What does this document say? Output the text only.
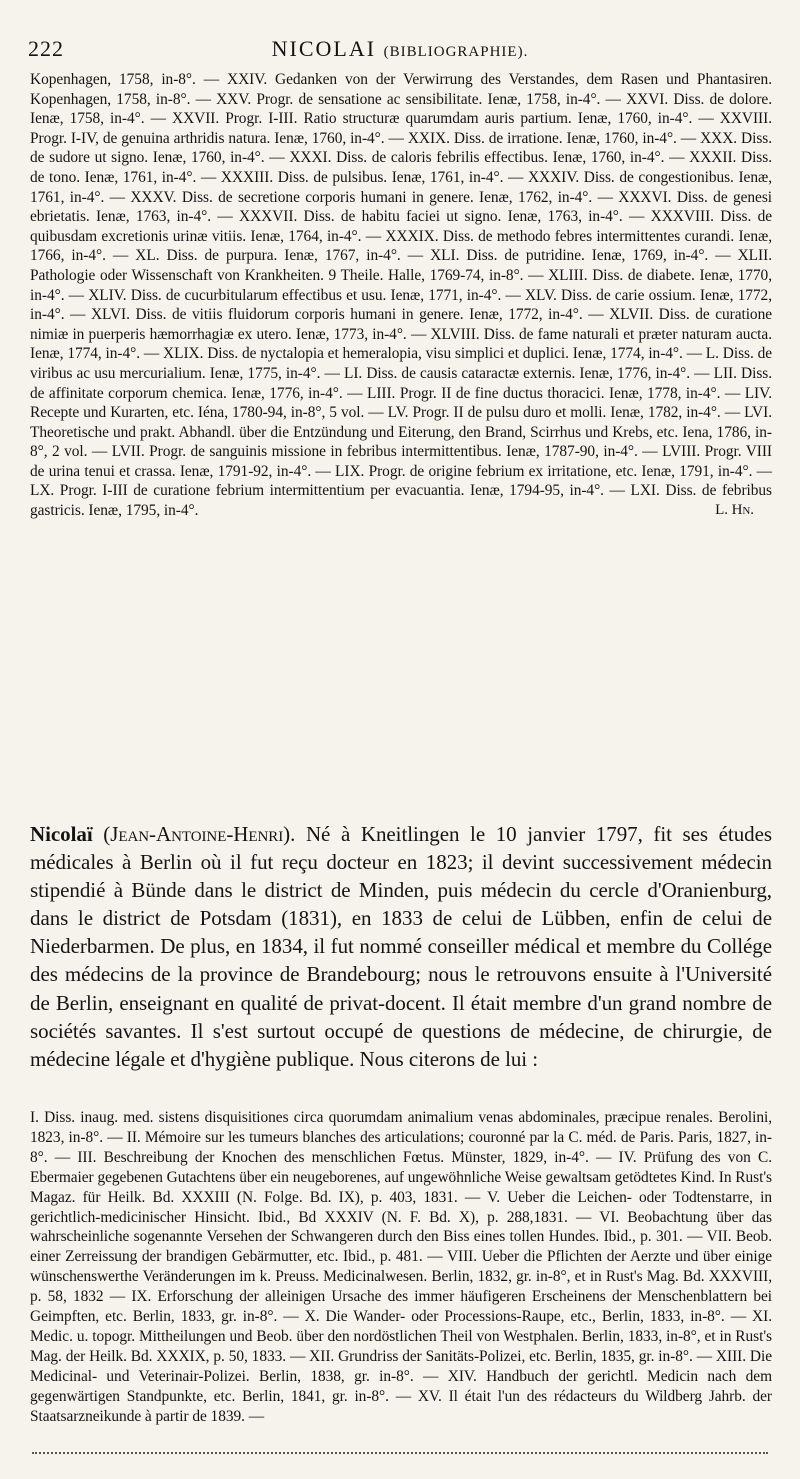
222	NICOLAI (BIBLIOGRAPHIE).
Kopenhagen, 1758, in-8°. — XXIV. Gedanken von der Verwirrung des Verstandes, dem Rasen und Phantasiren. Kopenhagen, 1758, in-8°. — XXV. Progr. de sensatione ac sensibilitate. Ienæ, 1758, in-4°. — XXVI. Diss. de dolore. Ienæ, 1758, in-4°. — XXVII. Progr. I-III. Ratio structuræ quarumdam auris partium. Ienæ, 1760, in-4°. — XXVIII. Progr. I-IV, de genuina arthridis natura. Ienæ, 1760, in-4°. — XXIX. Diss. de irratione. Ienæ, 1760, in-4°. — XXX. Diss. de sudore ut signo. Ienæ, 1760, in-4°. — XXXI. Diss. de caloris febrilis effectibus. Ienæ, 1760, in-4°. — XXXII. Diss. de tono. Ienæ, 1761, in-4°. — XXXIII. Diss. de pulsibus. Ienæ, 1761, in-4°. — XXXIV. Diss. de congestionibus. Ienæ, 1761, in-4°. — XXXV. Diss. de secretione corporis humani in genere. Ienæ, 1762, in-4°. — XXXVI. Diss. de genesi ebrietatis. Ienæ, 1763, in-4°. — XXXVII. Diss. de habitu faciei ut signo. Ienæ, 1763, in-4°. — XXXVIII. Diss. de quibusdam excretionis urinæ vitiis. Ienæ, 1764, in-4°. — XXXIX. Diss. de methodo febres intermittentes curandi. Ienæ, 1766, in-4°. — XL. Diss. de purpura. Ienæ, 1767, in-4°. — XLI. Diss. de putridine. Ienæ, 1769, in-4°. — XLII. Pathologie oder Wissenschaft von Krankheiten. 9 Theile. Halle, 1769-74, in-8°. — XLIII. Diss. de diabete. Ienæ, 1770, in-4°. — XLIV. Diss. de cucurbitularum effectibus et usu. Ienæ, 1771, in-4°. — XLV. Diss. de carie ossium. Ienæ, 1772, in-4°. — XLVI. Diss. de vitiis fluidorum corporis humani in genere. Ienæ, 1772, in-4°. — XLVII. Diss. de curatione nimiæ in puerperis hæmorrhagiæ ex utero. Ienæ, 1773, in-4°. — XLVIII. Diss. de fame naturali et præter naturam aucta. Ienæ, 1774, in-4°. — XLIX. Diss. de nyctalopia et hemeralopia, visu simplici et duplici. Ienæ, 1774, in-4°. — L. Diss. de viribus ac usu mercurialium. Ienæ, 1775, in-4°. — LI. Diss. de causis cataractæ externis. Ienæ, 1776, in-4°. — LII. Diss. de affinitate corporum chemica. Ienæ, 1776, in-4°. — LIII. Progr. II de fine ductus thoracici. Ienæ, 1778, in-4°. — LIV. Recepte und Kurarten, etc. Iéna, 1780-94, in-8°, 5 vol. — LV. Progr. II de pulsu duro et molli. Ienæ, 1782, in-4°. — LVI. Theoretische und prakt. Abhandl. über die Entzündung und Eiterung, den Brand, Scirrhus und Krebs, etc. Iena, 1786, in-8°, 2 vol. — LVII. Progr. de sanguinis missione in febribus intermittentibus. Ienæ, 1787-90, in-4°. — LVIII. Progr. VIII de urina tenui et crassa. Ienæ, 1791-92, in-4°. — LIX. Progr. de origine febrium ex irritatione, etc. Ienæ, 1791, in-4°. — LX. Progr. I-III de curatione febrium intermittentium per evacuantia. Ienæ, 1794-95, in-4°. — LXI. Diss. de febribus gastricis. Ienæ, 1795, in-4°.	L. Hn.
Nicolaï (Jean-Antoine-Henri). Né à Kneitlingen le 10 janvier 1797, fit ses études médicales à Berlin où il fut reçu docteur en 1823; il devint successivement médecin stipendié à Bünde dans le district de Minden, puis médecin du cercle d'Oranienburg, dans le district de Potsdam (1831), en 1833 de celui de Lübben, enfin de celui de Niederbarmen. De plus, en 1834, il fut nommé conseiller médical et membre du Collége des médecins de la province de Brandebourg; nous le retrouvons ensuite à l'Université de Berlin, enseignant en qualité de privat-docent. Il était membre d'un grand nombre de sociétés savantes. Il s'est surtout occupé de questions de médecine, de chirurgie, de médecine légale et d'hygiène publique. Nous citerons de lui :
I. Diss. inaug. med. sistens disquisitiones circa quorumdam animalium venas abdominales, præcipue renales. Berolini, 1823, in-8°. — II. Mémoire sur les tumeurs blanches des articulations; couronné par la C. méd. de Paris. Paris, 1827, in-8°. — III. Beschreibung der Knochen des menschlichen Fœtus. Münster, 1829, in-4°. — IV. Prüfung des von C. Ebermaier gegebenen Gutachtens über ein neugeborenes, auf ungewöhnliche Weise gewaltsam getödtetes Kind. In Rust's Magaz. für Heilk. Bd. XXXIII (N. Folge. Bd. IX), p. 403, 1831. — V. Ueber die Leichen- oder Todtenstarre, in gerichtlich-medicinischer Hinsicht. Ibid., Bd XXXIV (N. F. Bd. X), p. 288,1831. — VI. Beobachtung über das wahrscheinliche sogenannte Versehen der Schwangeren durch den Biss eines tollen Hundes. Ibid., p. 301. — VII. Beob. einer Zerreissung der brandigen Gebärmutter, etc. Ibid., p. 481. — VIII. Ueber die Pflichten der Aerzte und über einige wünschenswerthe Veränderungen im k. Preuss. Medicinalwesen. Berlin, 1832, gr. in-8°, et in Rust's Mag. Bd. XXXVIII, p. 58, 1832 — IX. Erforschung der alleinigen Ursache des immer häufigeren Erscheinens der Menschenblattern bei Geimpften, etc. Berlin, 1833, gr. in-8°. — X. Die Wander- oder Processions-Raupe, etc., Berlin, 1833, in-8°. — XI. Medic. u. topogr. Mittheilungen und Beob. über den nordöstlichen Theil von Westphalen. Berlin, 1833, in-8°, et in Rust's Mag. der Heilk. Bd. XXXIX, p. 50, 1833. — XII. Grundriss der Sanitäts-Polizei, etc. Berlin, 1835, gr. in-8°. — XIII. Die Medicinal- und Veterinair-Polizei. Berlin, 1838, gr. in-8°. — XIV. Handbuch der gerichtl. Medicin nach dem gegenwärtigen Standpunkte, etc. Berlin, 1841, gr. in-8°. — XV. Il était l'un des rédacteurs du Wildberg Jahrb. der Staatsarzneikunde à partir de 1839. —
